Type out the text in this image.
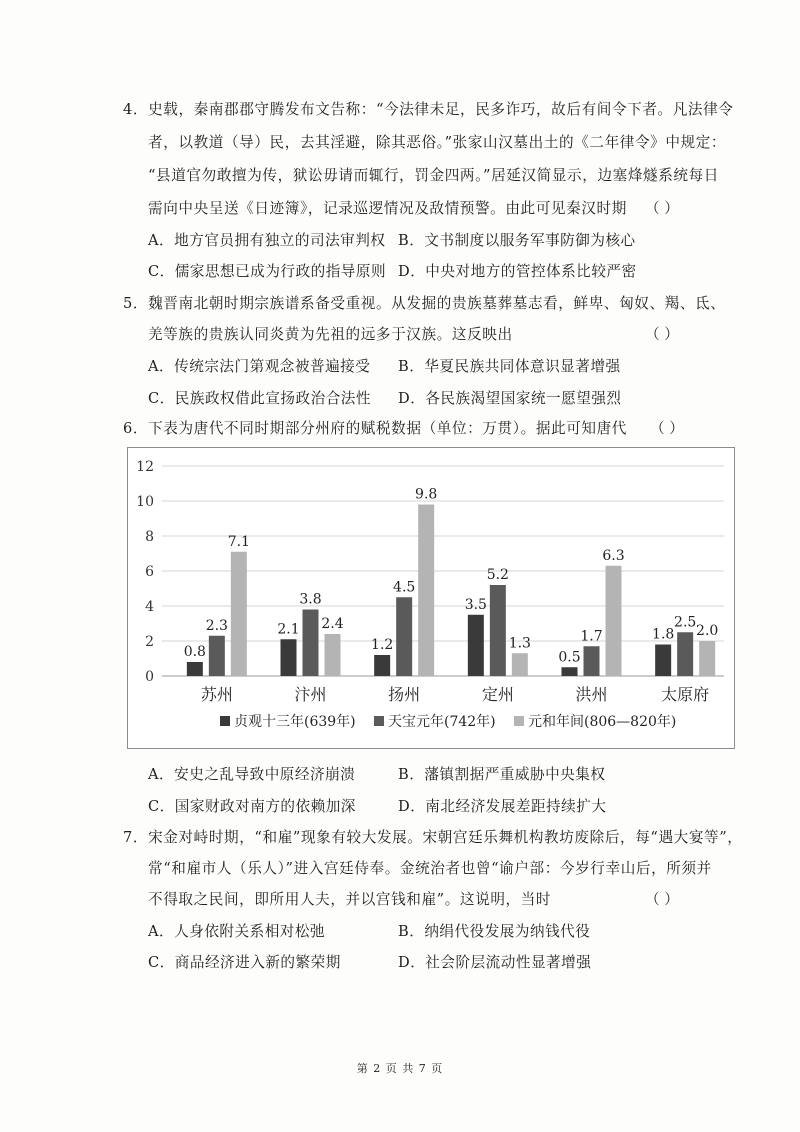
4．史载，秦南郡郡守腾发布文告称：“今法律未足，民多诈巧，故后有间令下者。凡法律令
者，以教道（导）民，去其淫避，除其恶俗。”张家山汉墓出土的《二年律令》中规定：
“县道官勿敢擅为传，狱讼毋请而辄行，罚金四两。”居延汉简显示，边塞烽燧系统每日
需向中央呈送《日迹簿》，记录巡逻情况及敌情预警。由此可见秦汉时期 （ ）
A．地方官员拥有独立的司法审判权 B．文书制度以服务军事防御为核心
C．儒家思想已成为行政的指导原则 D．中央对地方的管控体系比较严密
5．魏晋南北朝时期宗族谱系备受重视。从发掘的贵族墓葬墓志看，鲜卑、匈奴、羯、氐、
羌等族的贵族认同炎黄为先祖的远多于汉族。这反映出	（ ）
A．传统宗法门第观念被普遍接受 B．华夏民族共同体意识显著增强
C．民族政权借此宣扬政治合法性 D．各民族渴望国家统一愿望强烈
6．下表为唐代不同时期部分州府的赋税数据（单位：万贯）。据此可知唐代 （ ）
0
2
4
6
8
10
12
0.8
2.3
7.1
苏州
2.1
3.8
2.4
汴州
1.2
4.5
9.8
扬州
3.5
5.2
1.3
定州
0.5
1.7
6.3
洪州
1.8
2.5
2.0
太原府
贞观十三年(639年) 天宝元年(742年) 元和年间(806—820年)
A．安史之乱导致中原经济崩溃	B．藩镇割据严重威胁中央集权
C．国家财政对南方的依赖加深	D．南北经济发展差距持续扩大
7．宋金对峙时期，“和雇”现象有较大发展。宋朝宫廷乐舞机构教坊废除后，每“遇大宴等”，
常“和雇市人（乐人）”进入宫廷侍奉。金统治者也曾“谕户部：今岁行幸山后，所须并
不得取之民间，即所用人夫，并以宫钱和雇”。这说明，当时	（ ）
A．人身依附关系相对松弛	B．纳绢代役发展为纳钱代役
C．商品经济进入新的繁荣期	D．社会阶层流动性显著增强
第 2 页 共 7 页
